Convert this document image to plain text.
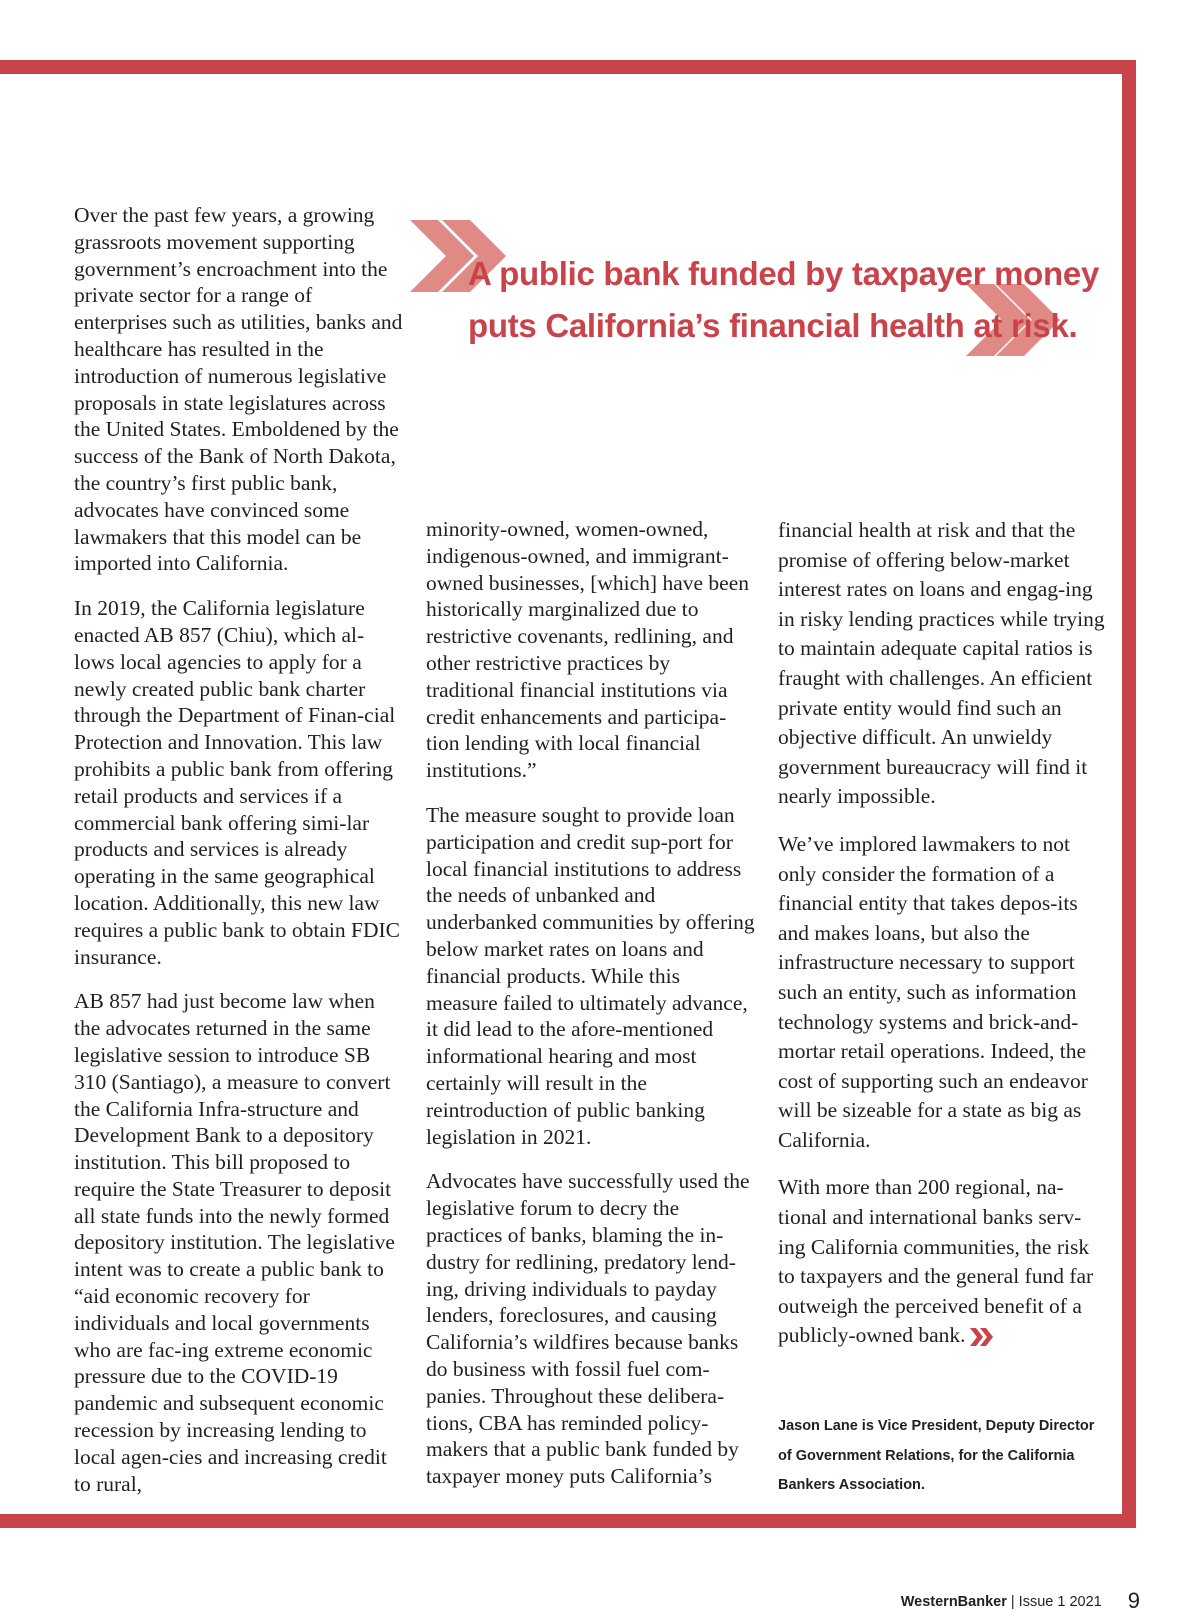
A public bank funded by taxpayer money
puts California’s financial health at risk.

Over the past few years, a growing grassroots movement supporting government’s encroachment into the private sector for a range of enterprises such as utilities, banks and healthcare has resulted in the introduction of numerous legislative proposals in state legislatures across the United States. Emboldened by the success of the Bank of North Dakota, the country’s first public bank, advocates have convinced some lawmakers that this model can be imported into California.

In 2019, the California legislature enacted AB 857 (Chiu), which al-lows local agencies to apply for a newly created public bank charter through the Department of Finan-cial Protection and Innovation. This law prohibits a public bank from offering retail products and services if a commercial bank offering simi-lar products and services is already operating in the same geographical location. Additionally, this new law requires a public bank to obtain FDIC insurance.

AB 857 had just become law when the advocates returned in the same legislative session to introduce SB 310 (Santiago), a measure to convert the California Infra-structure and Development Bank to a depository institution. This bill proposed to require the State Treasurer to deposit all state funds into the newly formed depository institution. The legislative intent was to create a public bank to “aid economic recovery for individuals and local governments who are fac-ing extreme economic pressure due to the COVID-19 pandemic and subsequent economic recession by increasing lending to local agen-cies and increasing credit to rural,

minority-owned, women-owned, indigenous-owned, and immigrant-owned businesses, [which] have been historically marginalized due to restrictive covenants, redlining, and other restrictive practices by traditional financial institutions via credit enhancements and participa-tion lending with local financial institutions.”

The measure sought to provide loan participation and credit sup-port for local financial institutions to address the needs of unbanked and underbanked communities by offering below market rates on loans and financial products. While this measure failed to ultimately advance, it did lead to the afore-mentioned informational hearing and most certainly will result in the reintroduction of public banking legislation in 2021.

Advocates have successfully used the legislative forum to decry the practices of banks, blaming the in-dustry for redlining, predatory lend-ing, driving individuals to payday lenders, foreclosures, and causing California’s wildfires because banks do business with fossil fuel com-panies. Throughout these delibera-tions, CBA has reminded policy-makers that a public bank funded by taxpayer money puts California’s

financial health at risk and that the promise of offering below-market interest rates on loans and engag-ing in risky lending practices while trying to maintain adequate capital ratios is fraught with challenges. An efficient private entity would find such an objective difficult. An unwieldy government bureaucracy will find it nearly impossible.

We’ve implored lawmakers to not only consider the formation of a financial entity that takes depos-its and makes loans, but also the infrastructure necessary to support such an entity, such as information technology systems and brick-and-mortar retail operations. Indeed, the cost of supporting such an endeavor will be sizeable for a state as big as California.

With more than 200 regional, na-tional and international banks serv-ing California communities, the risk to taxpayers and the general fund far outweigh the perceived benefit of a publicly-owned bank.

Jason Lane is Vice President, Deputy Director of Government Relations, for the California Bankers Association.
WesternBanker | Issue 1 2021 9
